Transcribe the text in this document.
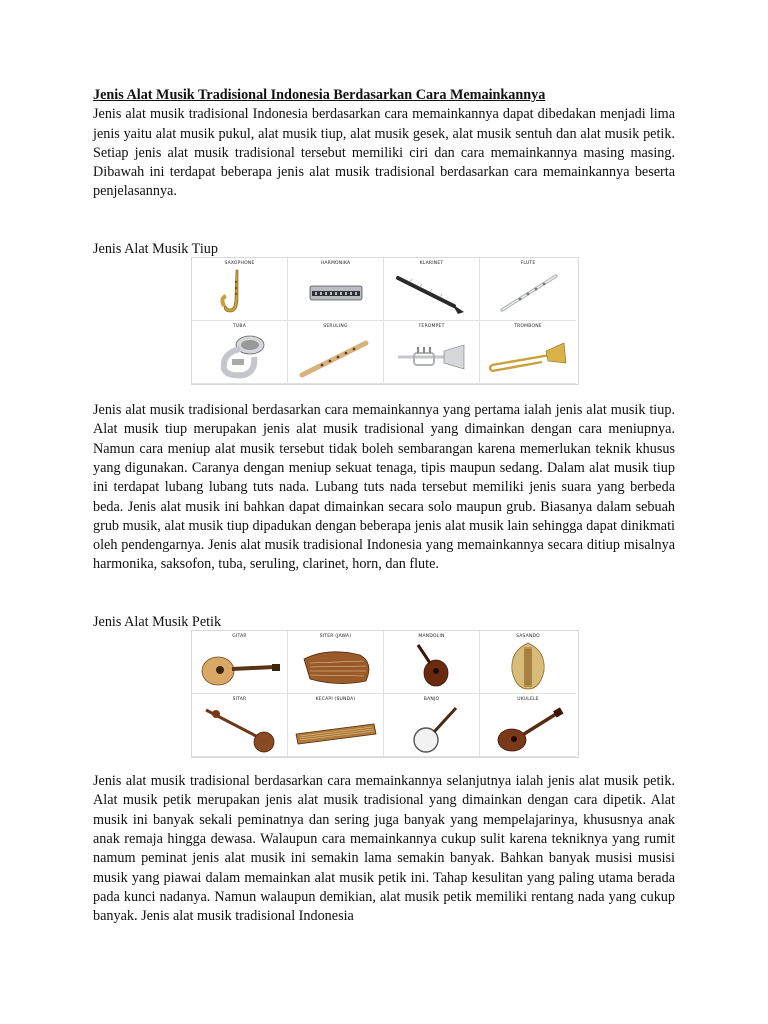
Jenis Alat Musik Tradisional Indonesia Berdasarkan Cara Memainkannya

Jenis alat musik tradisional Indonesia berdasarkan cara memainkannya dapat dibedakan menjadi lima jenis yaitu alat musik pukul, alat musik tiup, alat musik gesek, alat musik sentuh dan alat musik petik. Setiap jenis alat musik tradisional tersebut memiliki ciri dan cara memainkannya masing masing. Dibawah ini terdapat beberapa jenis alat musik tradisional berdasarkan cara memainkannya beserta penjelasannya.

Jenis Alat Musik Tiup

SAXOPHONE	HARMONIKA	KLARINET	FLUTE
TUBA	SERULING	TEROMPET	TROMBONE

Jenis alat musik tradisional berdasarkan cara memainkannya yang pertama ialah jenis alat musik tiup. Alat musik tiup merupakan jenis alat musik tradisional yang dimainkan dengan cara meniupnya. Namun cara meniup alat musik tersebut tidak boleh sembarangan karena memerlukan teknik khusus yang digunakan. Caranya dengan meniup sekuat tenaga, tipis maupun sedang. Dalam alat musik tiup ini terdapat lubang lubang tuts nada. Lubang tuts nada tersebut memiliki jenis suara yang berbeda beda. Jenis alat musik ini bahkan dapat dimainkan secara solo maupun grub. Biasanya dalam sebuah grub musik, alat musik tiup dipadukan dengan beberapa jenis alat musik lain sehingga dapat dinikmati oleh pendengarnya. Jenis alat musik tradisional Indonesia yang memainkannya secara ditiup misalnya harmonika, saksofon, tuba, seruling, clarinet, horn, dan flute.

Jenis Alat Musik Petik

GITAR	SITER (JAWA)	MANDOLIN	SASANDO
SITAR	KECAPI (SUNDA)	BANJO	UKULELE

Jenis alat musik tradisional berdasarkan cara memainkannya selanjutnya ialah jenis alat musik petik. Alat musik petik merupakan jenis alat musik tradisional yang dimainkan dengan cara dipetik. Alat musik ini banyak sekali peminatnya dan sering juga banyak yang mempelajarinya, khususnya anak anak remaja hingga dewasa. Walaupun cara memainkannya cukup sulit karena tekniknya yang rumit namum peminat jenis alat musik ini semakin lama semakin banyak. Bahkan banyak musisi musisi musik yang piawai dalam memainkan alat musik petik ini. Tahap kesulitan yang paling utama berada pada kunci nadanya. Namun walaupun demikian, alat musik petik memiliki rentang nada yang cukup banyak. Jenis alat musik tradisional Indonesia
